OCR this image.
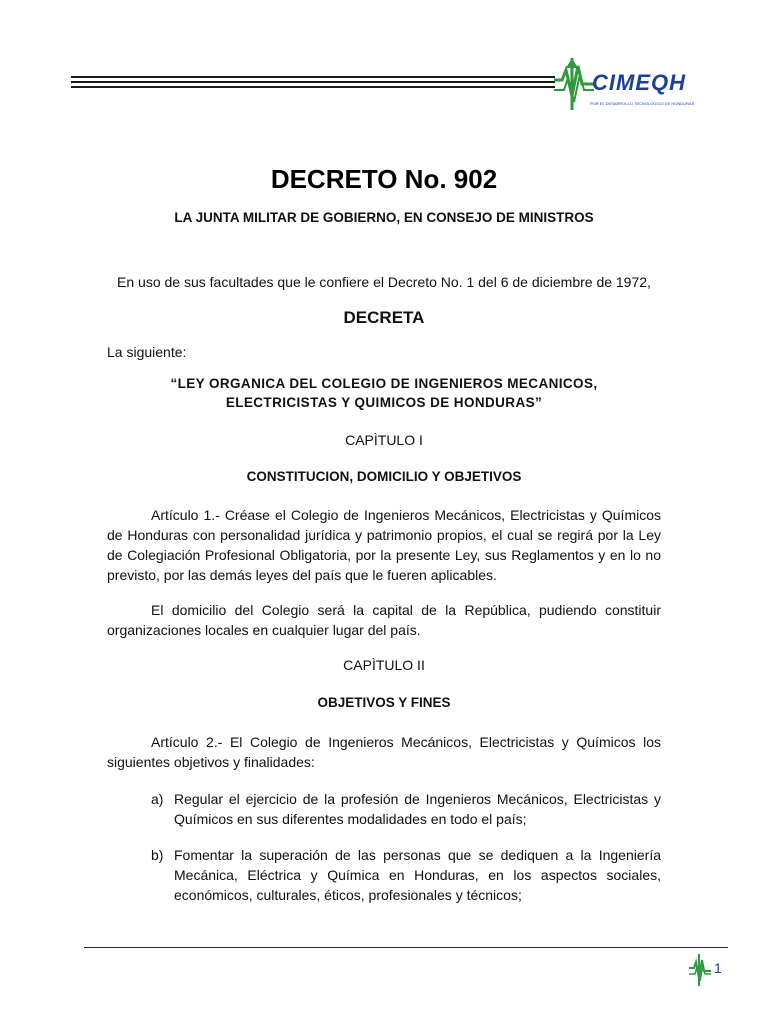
CIMEQH
POR EL DESARROLLO TECNOLOGICO DE HONDURAS
DECRETO No. 902
LA JUNTA MILITAR DE GOBIERNO, EN CONSEJO DE MINISTROS
En uso de sus facultades que le confiere el Decreto No. 1 del 6 de diciembre de 1972,
DECRETA
La siguiente:
“LEY ORGANICA DEL COLEGIO DE INGENIEROS MECANICOS,
ELECTRICISTAS Y QUIMICOS DE HONDURAS”
CAPÌTULO I
CONSTITUCION, DOMICILIO Y OBJETIVOS
Artículo 1.- Créase el Colegio de Ingenieros Mecánicos, Electricistas y Químicos de Honduras con personalidad jurídica y patrimonio propios, el cual se regirá por la Ley de Colegiación Profesional Obligatoria, por la presente Ley, sus Reglamentos y en lo no previsto, por las demás leyes del país que le fueren aplicables.
El domicilio del Colegio será la capital de la República, pudiendo constituir organizaciones locales en cualquier lugar del país.
CAPÌTULO II
OBJETIVOS Y FINES
Artículo 2.- El Colegio de Ingenieros Mecánicos, Electricistas y Químicos los siguientes objetivos y finalidades:
a) Regular el ejercicio de la profesión de Ingenieros Mecánicos, Electricistas y Químicos en sus diferentes modalidades en todo el país;
b) Fomentar la superación de las personas que se dediquen a la Ingeniería Mecánica, Eléctrica y Química en Honduras, en los aspectos sociales, económicos, culturales, éticos, profesionales y técnicos;
1
